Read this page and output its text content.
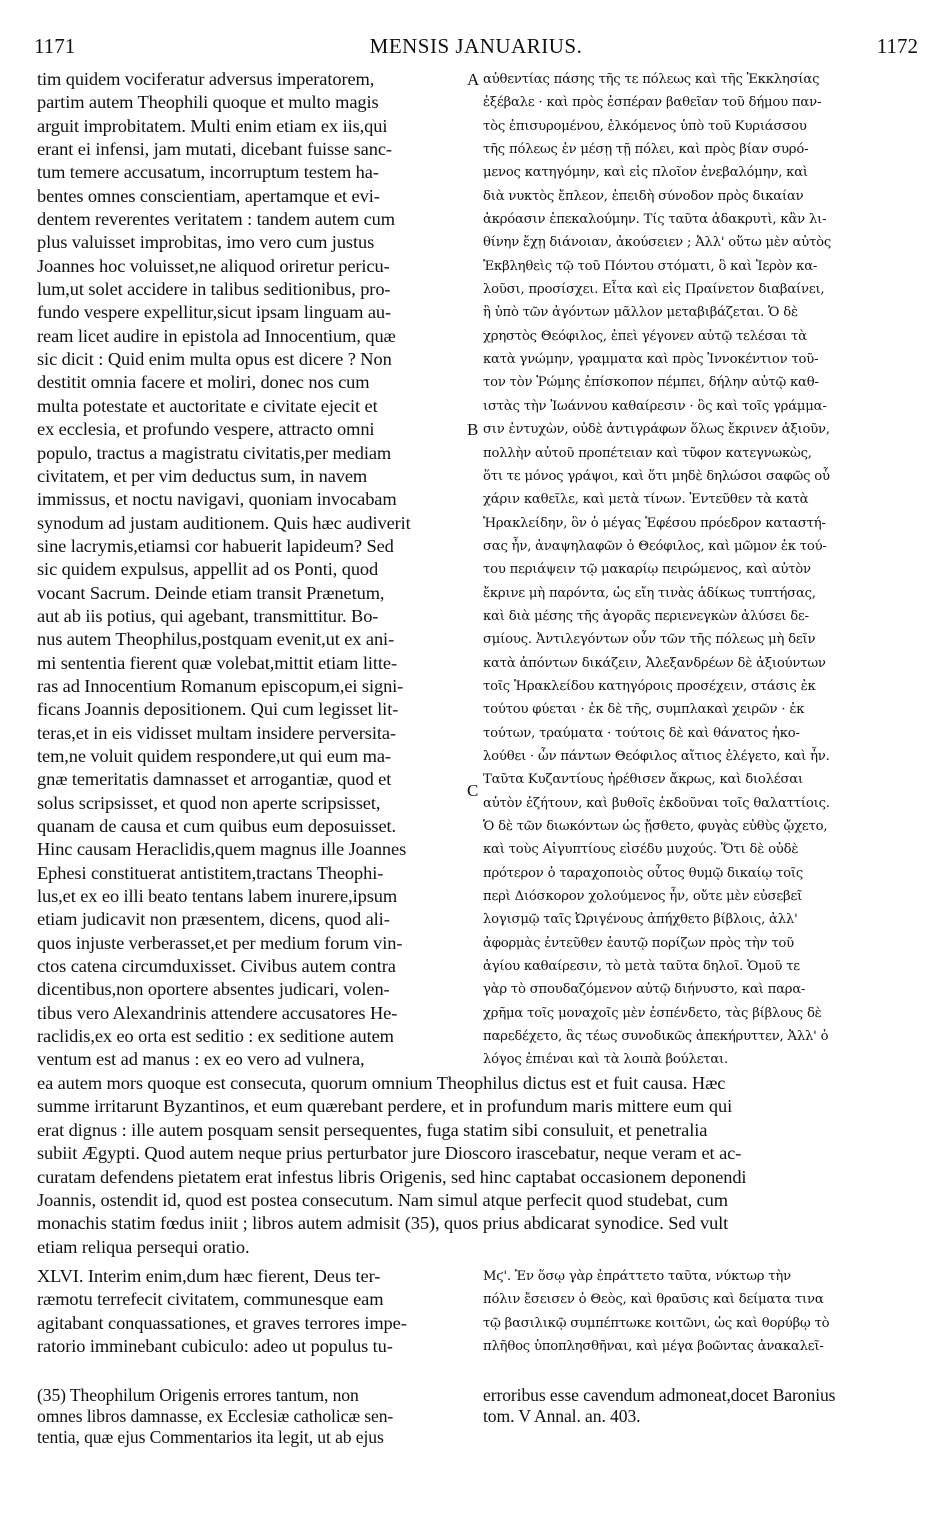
1171	MENSIS JANUARIUS.	1172
A
B
C
tim quidem vociferatur adversus imperatorem,
partim autem Theophili quoque et multo magis
arguit improbitatem. Multi enim etiam ex iis,qui
erant ei infensi, jam mutati, dicebant fuisse sanc-
tum temere accusatum, incorruptum testem ha-
bentes omnes conscientiam, apertamque et evi-
dentem reverentes veritatem : tandem autem cum
plus valuisset improbitas, imo vero cum justus
Joannes hoc voluisset,ne aliquod oriretur pericu-
lum,ut solet accidere in talibus seditionibus, pro-
fundo vespere expellitur,sicut ipsam linguam au-
ream licet audire in epistola ad Innocentium, quæ
sic dicit : Quid enim multa opus est dicere ? Non
destitit omnia facere et moliri, donec nos cum
multa potestate et auctoritate e civitate ejecit et
ex ecclesia, et profundo vespere, attracto omni
populo, tractus a magistratu civitatis,per mediam
civitatem, et per vim deductus sum, in navem
immissus, et noctu navigavi, quoniam invocabam
synodum ad justam auditionem. Quis hæc audiverit
sine lacrymis,etiamsi cor habuerit lapideum? Sed
sic quidem expulsus, appellit ad os Ponti, quod
vocant Sacrum. Deinde etiam transit Prænetum,
aut ab iis potius, qui agebant, transmittitur. Bo-
nus autem Theophilus,postquam evenit,ut ex ani-
mi sententia fierent quæ volebat,mittit etiam litte-
ras ad Innocentium Romanum episcopum,ei signi-
ficans Joannis depositionem. Qui cum legisset lit-
teras,et in eis vidisset multam insidere perversita-
tem,ne voluit quidem respondere,ut qui eum ma-
gnæ temeritatis damnasset et arrogantiæ, quod et
solus scripsisset, et quod non aperte scripsisset,
quanam de causa et cum quibus eum deposuisset.
Hinc causam Heraclidis,quem magnus ille Joannes
Ephesi constituerat antistitem,tractans Theophi-
lus,et ex eo illi beato tentans labem inurere,ipsum
etiam judicavit non præsentem, dicens, quod ali-
quos injuste verberasset,et per medium forum vin-
ctos catena circumduxisset. Civibus autem contra
dicentibus,non oportere absentes judicari, volen-
tibus vero Alexandrinis attendere accusatores He-
raclidis,ex eo orta est seditio : ex seditione autem
ventum est ad manus : ex eo vero ad vulnera,
αὐθεντίας πάσης τῆς τε πόλεως καὶ τῆς Ἐκκλησίας
ἐξέβαλε · καὶ πρὸς ἑσπέραν βαθεῖαν τοῦ δήμου παν-
τὸς ἐπισυρομένου, ἑλκόμενος ὑπὸ τοῦ Κυριάσσου
τῆς πόλεως ἐν μέσῃ τῇ πόλει, καὶ πρὸς βίαν συρό-
μενος κατηγόμην, καὶ εἰς πλοῖον ἐνεβαλόμην, καὶ
διὰ νυκτὸς ἔπλεον, ἐπειδὴ σύνοδον πρὸς δικαίαν
ἀκρόασιν ἐπεκαλούμην. Τίς ταῦτα ἀδακρυτὶ, κἂν λι-
θίνην ἔχῃ διάνοιαν, ἀκούσειεν ; Ἀλλ' οὕτω μὲν αὐτὸς
Ἐκβληθεὶς τῷ τοῦ Πόντου στόματι, ὃ καὶ Ἱερὸν κα-
λοῦσι, προσίσχει. Εἶτα καὶ εἰς Πραίνετον διαβαίνει,
ἢ ὑπὸ τῶν ἀγόντων μᾶλλον μεταβιβάζεται. Ὁ δὲ
χρηστὸς Θεόφιλος, ἐπεὶ γέγονεν αὐτῷ τελέσαι τὰ
κατὰ γνώμην, γραμματα καὶ πρὸς Ἰννοκέντιον τοῦ-
τον τὸν Ῥώμης ἐπίσκοπον πέμπει, δήλην αὐτῷ καθ-
ιστὰς τὴν Ἰωάννου καθαίρεσιν · ὃς καὶ τοῖς γράμμα-
σιν ἐντυχὼν, οὐδὲ ἀντιγράφων ὅλως ἔκρινεν ἀξιοῦν,
πολλὴν αὐτοῦ προπέτειαν καὶ τῦφον κατεγνωκὼς,
ὅτι τε μόνος γράψοι, καὶ ὅτι μηδὲ δηλώσοι σαφῶς οὗ
χάριν καθεῖλε, καὶ μετὰ τίνων. Ἐντεῦθεν τὰ κατὰ
Ἡρακλείδην, ὃν ὁ μέγας Ἐφέσου πρόεδρον καταστή-
σας ἦν, ἀναψηλαφῶν ὁ Θεόφιλος, καὶ μῶμον ἐκ τού-
του περιάψειν τῷ μακαρίῳ πειρώμενος, καὶ αὐτὸν
ἔκρινε μὴ παρόντα, ὡς εἴη τινὰς ἀδίκως τυπτήσας,
καὶ διὰ μέσης τῆς ἀγορᾶς περιενεγκὼν ἁλύσει δε-
σμίους. Ἀντιλεγόντων οὖν τῶν τῆς πόλεως μὴ δεῖν
κατὰ ἀπόντων δικάζειν, Ἀλεξανδρέων δὲ ἀξιούντων
τοῖς Ἡρακλείδου κατηγόροις προσέχειν, στάσις ἐκ
τούτου φύεται · ἐκ δὲ τῆς, συμπλακαὶ χειρῶν · ἐκ
τούτων, τραύματα · τούτοις δὲ καὶ θάνατος ἠκο-
λούθει · ὧν πάντων Θεόφιλος αἴτιος ἐλέγετο, καὶ ἦν.
Ταῦτα Κυζαντίους ἠρέθισεν ἄκρως, καὶ διολέσαι
αὐτὸν ἐζήτουν, καὶ βυθοῖς ἐκδοῦναι τοῖς θαλαττίοις.
Ὁ δὲ τῶν διωκόντων ὡς ᾔσθετο, φυγὰς εὐθὺς ᾤχετο,
καὶ τοὺς Αἰγυπτίους εἰσέδυ μυχούς. Ὅτι δὲ οὐδὲ
πρότερον ὁ ταραχοποιὸς οὗτος θυμῷ δικαίῳ τοῖς
περὶ Διόσκορον χολούμενος ἦν, οὔτε μὲν εὐσεβεῖ
λογισμῷ ταῖς Ὠριγένους ἀπήχθετο βίβλοις, ἀλλ'
ἀφορμὰς ἐντεῦθεν ἑαυτῷ πορίζων πρὸς τὴν τοῦ
ἁγίου καθαίρεσιν, τὸ μετὰ ταῦτα δηλοῖ. Ὁμοῦ τε
γὰρ τὸ σπουδαζόμενον αὐτῷ διήνυστο, καὶ παρα-
χρῆμα τοῖς μοναχοῖς μὲν ἐσπένδετο, τὰς βίβλους δὲ
παρεδέχετο, ἃς τέως συνοδικῶς ἀπεκήρυττεν, Ἀλλ' ὁ
λόγος ἐπιέναι καὶ τὰ λοιπὰ βούλεται.
ea autem mors quoque est consecuta, quorum omnium Theophilus dictus est et fuit causa. Hæc
summe irritarunt Byzantinos, et eum quærebant perdere, et in profundum maris mittere eum qui
erat dignus : ille autem posquam sensit persequentes, fuga statim sibi consuluit, et penetralia
subiit Ægypti. Quod autem neque prius perturbator jure Dioscoro irascebatur, neque veram et ac-
curatam defendens pietatem erat infestus libris Origenis, sed hinc captabat occasionem deponendi
Joannis, ostendit id, quod est postea consecutum. Nam simul atque perfecit quod studebat, cum
monachis statim fœdus iniit ; libros autem admisit (35), quos prius abdicarat synodice. Sed vult
etiam reliqua persequi oratio.
XLVI. Interim enim,dum hæc fierent, Deus ter-
ræmotu terrefecit civitatem, communesque eam
agitabant conquassationes, et graves terrores impe-
ratorio imminebant cubiculo: adeo ut populus tu-
Μϛ'. Ἐν ὅσῳ γὰρ ἐπράττετο ταῦτα, νύκτωρ τὴν
πόλιν ἔσεισεν ὁ Θεὸς, καὶ θραῦσις καὶ δείματα τινα
τῷ βασιλικῷ συμπέπτωκε κοιτῶνι, ὡς καὶ θορύβῳ τὸ
πλῆθος ὑποπλησθῆναι, καὶ μέγα βοῶντας ἀνακαλεῖ-
(35) Theophilum Origenis errores tantum, non
omnes libros damnasse, ex Ecclesiæ catholicæ sen-
tentia, quæ ejus Commentarios ita legit, ut ab ejus
erroribus esse cavendum admoneat,docet Baronius
tom. V Annal. an. 403.
